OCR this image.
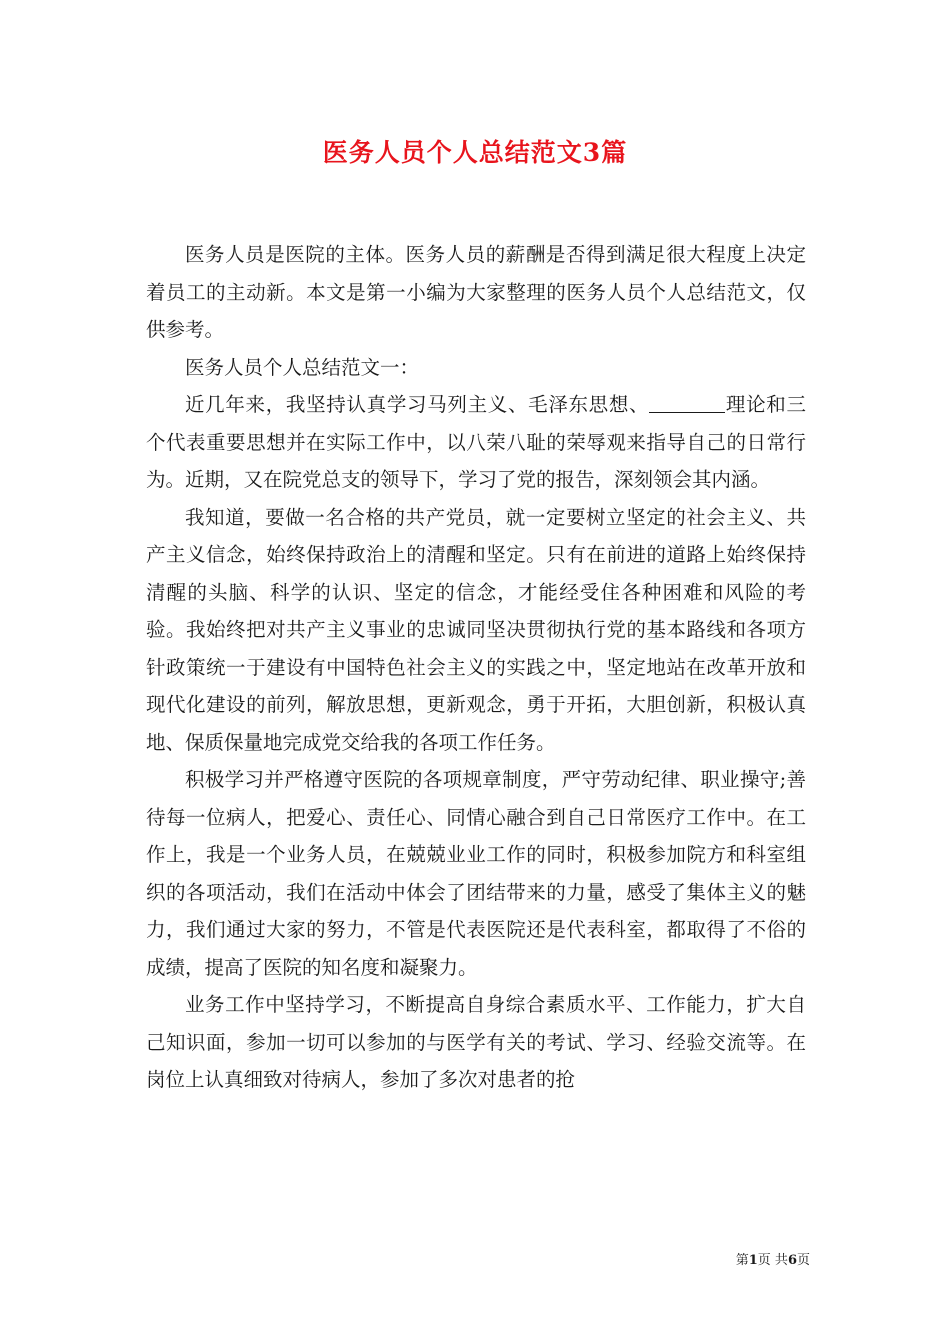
医务人员个人总结范文3篇

医务人员是医院的主体。医务人员的薪酬是否得到满足很大程度上决定着员工的主动新。本文是第一小编为大家整理的医务人员个人总结范文，仅供参考。

医务人员个人总结范文一：

近几年来，我坚持认真学习马列主义、毛泽东思想、	理论和三个代表重要思想并在实际工作中，以八荣八耻的荣辱观来指导自己的日常行为。近期，又在院党总支的领导下，学习了党的报告，深刻领会其内涵。

我知道，要做一名合格的共产党员，就一定要树立坚定的社会主义、共产主义信念，始终保持政治上的清醒和坚定。只有在前进的道路上始终保持清醒的头脑、科学的认识、坚定的信念，才能经受住各种困难和风险的考验。我始终把对共产主义事业的忠诚同坚决贯彻执行党的基本路线和各项方针政策统一于建设有中国特色社会主义的实践之中，坚定地站在改革开放和现代化建设的前列，解放思想，更新观念，勇于开拓，大胆创新，积极认真地、保质保量地完成党交给我的各项工作任务。

积极学习并严格遵守医院的各项规章制度，严守劳动纪律、职业操守;善待每一位病人，把爱心、责任心、同情心融合到自己日常医疗工作中。在工作上，我是一个业务人员，在兢兢业业工作的同时，积极参加院方和科室组织的各项活动，我们在活动中体会了团结带来的力量，感受了集体主义的魅力，我们通过大家的努力，不管是代表医院还是代表科室，都取得了不俗的成绩，提高了医院的知名度和凝聚力。

业务工作中坚持学习，不断提高自身综合素质水平、工作能力，扩大自己知识面，参加一切可以参加的与医学有关的考试、学习、经验交流等。在岗位上认真细致对待病人，参加了多次对患者的抢

第1页 共6页
